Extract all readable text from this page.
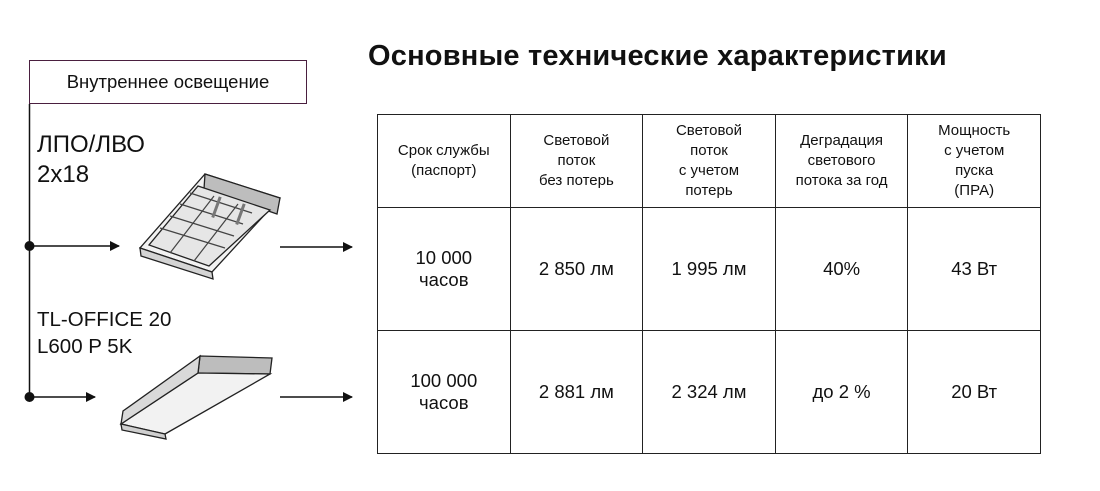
Основные технические характеристики
Внутреннее освещение
ЛПО/ЛВО
2x18
TL-OFFICE 20
L600 P 5K
Срок службы
(паспорт)	Световой
поток
без потерь	Световой
поток
с учетом
потерь	Деградация
светового
потока за год	Мощность
с учетом
пуска
(ПРА)
10 000
часов	2 850 лм	1 995 лм	40%	43 Вт
100 000
часов	2 881 лм	2 324 лм	до 2 %	20 Вт
